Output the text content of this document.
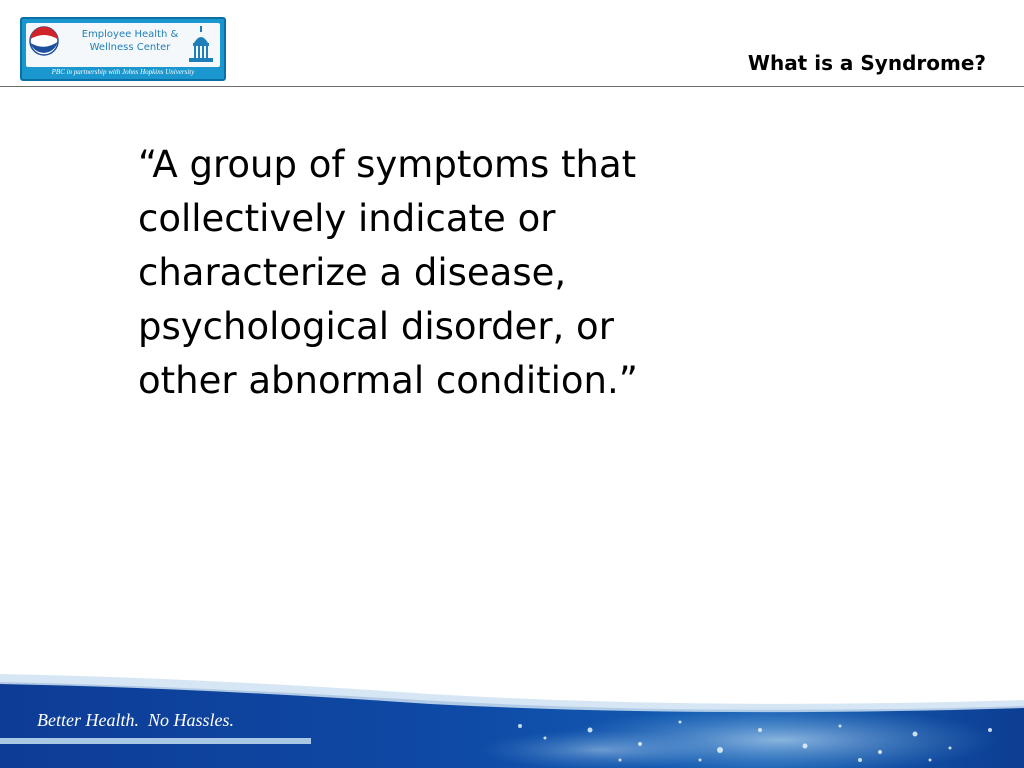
Employee Health &
Wellness Center
PBC in partnership with Johns Hopkins University	What is a Syndrome?
“A group of symptoms that
collectively indicate or
characterize a disease,
psychological disorder, or
other abnormal condition.”
Better Health.  No Hassles.
